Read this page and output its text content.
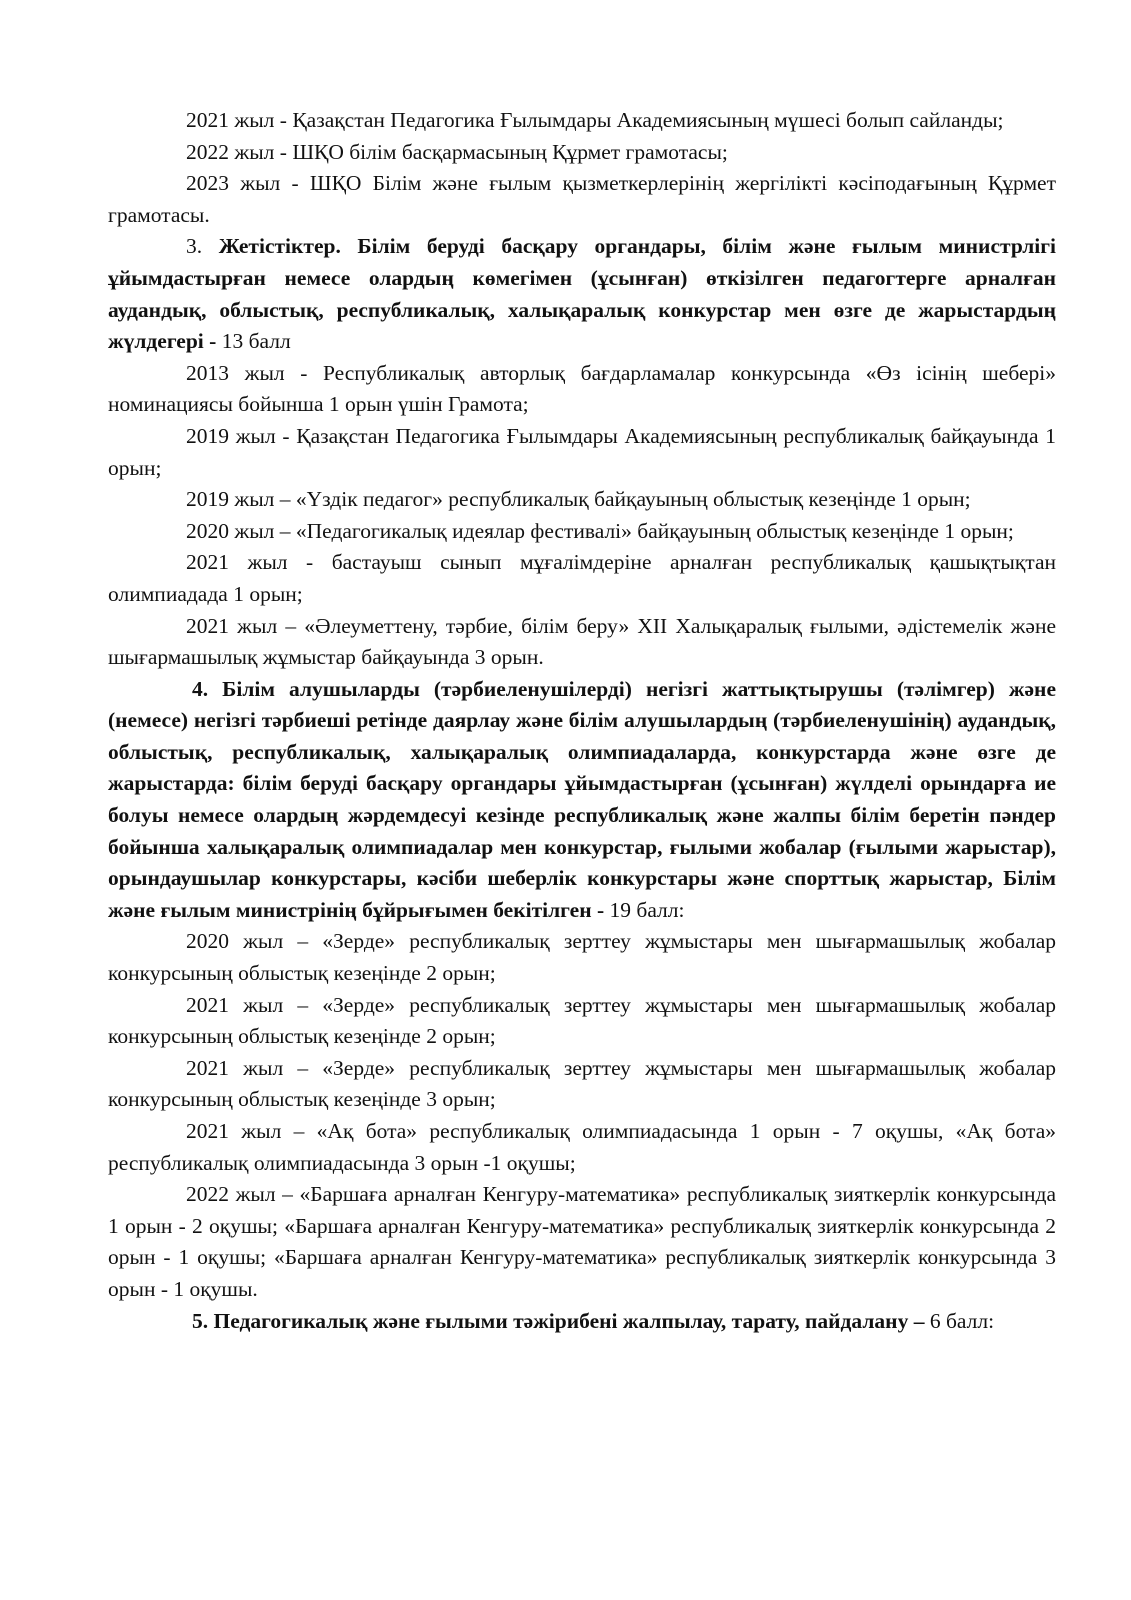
2021 жыл - Қазақстан Педагогика Ғылымдары Академиясының мүшесі болып сайланды;

2022 жыл - ШҚО білім басқармасының Құрмет грамотасы;

2023 жыл - ШҚО Білім және ғылым қызметкерлерінің жергілікті кәсіподағының Құрмет грамотасы.

3. Жетістіктер. Білім беруді басқару органдары, білім және ғылым министрлігі ұйымдастырған немесе олардың көмегімен (ұсынған) өткізілген педагогтерге арналған аудандық, облыстық, республикалық, халықаралық конкурстар мен өзге де жарыстардың жүлдегері - 13 балл

2013 жыл - Республикалық авторлық бағдарламалар конкурсында «Өз ісінің шебері» номинациясы бойынша 1 орын үшін Грамота;

2019 жыл - Қазақстан Педагогика Ғылымдары Академиясының республикалық байқауында 1 орын;

2019 жыл – «Үздік педагог» республикалық байқауының облыстық кезеңінде 1 орын;

2020 жыл – «Педагогикалық идеялар фестивалі» байқауының облыстық кезеңінде 1 орын;

2021 жыл - бастауыш сынып мұғалімдеріне арналған республикалық қашықтықтан олимпиадада 1 орын;

2021 жыл – «Әлеуметтену, тәрбие, білім беру» XII Халықаралық ғылыми, әдістемелік және шығармашылық жұмыстар байқауында 3 орын.

4. Білім алушыларды (тәрбиеленушілерді) негізгі жаттықтырушы (тәлімгер) және (немесе) негізгі тәрбиеші ретінде даярлау және білім алушылардың (тәрбиеленушінің) аудандық, облыстық, республикалық, халықаралық олимпиадаларда, конкурстарда және өзге де жарыстарда: білім беруді басқару органдары ұйымдастырған (ұсынған) жүлделі орындарға ие болуы немесе олардың жәрдемдесуі кезінде республикалық және жалпы білім беретін пәндер бойынша халықаралық олимпиадалар мен конкурстар, ғылыми жобалар (ғылыми жарыстар), орындаушылар конкурстары, кәсіби шеберлік конкурстары және спорттық жарыстар, Білім және ғылым министрінің бұйрығымен бекітілген - 19 балл:

2020 жыл – «Зерде» республикалық зерттеу жұмыстары мен шығармашылық жобалар конкурсының облыстық кезеңінде 2 орын;

2021 жыл – «Зерде» республикалық зерттеу жұмыстары мен шығармашылық жобалар конкурсының облыстық кезеңінде 2 орын;

2021 жыл – «Зерде» республикалық зерттеу жұмыстары мен шығармашылық жобалар конкурсының облыстық кезеңінде 3 орын;

2021 жыл – «Ақ бота» республикалық олимпиадасында 1 орын - 7 оқушы, «Ақ бота» республикалық олимпиадасында 3 орын -1 оқушы;

2022 жыл – «Баршаға арналған Кенгуру-математика» республикалық зияткерлік конкурсында 1 орын - 2 оқушы; «Баршаға арналған Кенгуру-математика» республикалық зияткерлік конкурсында 2 орын - 1 оқушы; «Баршаға арналған Кенгуру-математика» республикалық зияткерлік конкурсында 3 орын - 1 оқушы.

5. Педагогикалық және ғылыми тәжірибені жалпылау, тарату, пайдалану – 6 балл:
